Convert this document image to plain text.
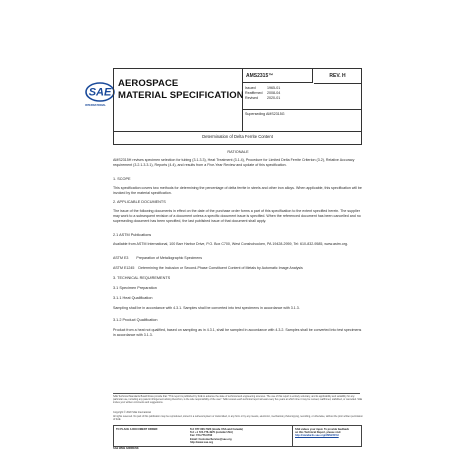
SAE
INTERNATIONAL
AEROSPACE
MATERIAL SPECIFICATION
AMS2315™	REV. H
Issued	1965-01
Reaffirmed	2008-04
Revised	2020-01
Superseding AMS2315G
Determination of Delta Ferrite Content
RATIONALE
AMS2315H revises specimen selection for tubing (3.1.3.3), Heat Treatment (3.1.4), Procedure for Limited Delta Ferrite Criterion (3.2), Relative Accuracy requirement (3.2.1.3.3.1), Reports (4.4), and results from a Five-Year Review and update of this specification.
1. SCOPE
This specification covers two methods for determining the percentage of delta ferrite in steels and other iron alloys. When applicable, this specification will be invoked by the material specification.
2. APPLICABLE DOCUMENTS
The issue of the following documents in effect on the date of the purchase order forms a part of this specification to the extent specified herein. The supplier may work to a subsequent revision of a document unless a specific document issue is specified. When the referenced document has been cancelled and no superseding document has been specified, the last published issue of that document shall apply.
2.1 ASTM Publications
Available from ASTM International, 100 Barr Harbor Drive, P.O. Box C700, West Conshohocken, PA 19428-2959, Tel: 610-832-9585, www.astm.org.
ASTM E3        Preparation of Metallographic Specimens
ASTM E1245    Determining the Inclusion or Second-Phase Constituent Content of Metals by Automatic Image Analysis
3. TECHNICAL REQUIREMENTS
3.1 Specimen Preparation
3.1.1 Heat Qualification
Sampling shall be in accordance with 4.3.1. Samples shall be converted into test specimens in accordance with 3.1.3.
3.1.2 Product Qualification
Product from a heat not qualified, based on sampling as in 4.3.1, shall be sampled in accordance with 4.3.2. Samples shall be converted into test specimens in accordance with 3.1.3.
SAE Technical Standards Board Rules provide that: "This report is published by SAE to advance the state of technical and engineering sciences. The use of this report is entirely voluntary, and its applicability and suitability for any particular use, including any patent infringement arising therefrom, is the sole responsibility of the user." SAE reviews each technical report at least every five years at which time it may be revised, reaffirmed, stabilized, or cancelled. SAE invites your written comments and suggestions.
Copyright © 2020 SAE International
All rights reserved. No part of this publication may be reproduced, stored in a retrieval system or transmitted, in any form or by any means, electronic, mechanical, photocopying, recording, or otherwise, without the prior written permission of SAE.
TO PLACE A DOCUMENT ORDER:	Tel: 877-606-7323 (inside USA and Canada)
Tel: +1 724-776-4970 (outside USA)
Fax: 724-776-0790
Email: CustomerService@sae.org
http://www.sae.org
SAE values your input. To provide feedback
on this Technical Report, please visit
http://standards.sae.org/AMS2315H
SAE WEB ADDRESS:
